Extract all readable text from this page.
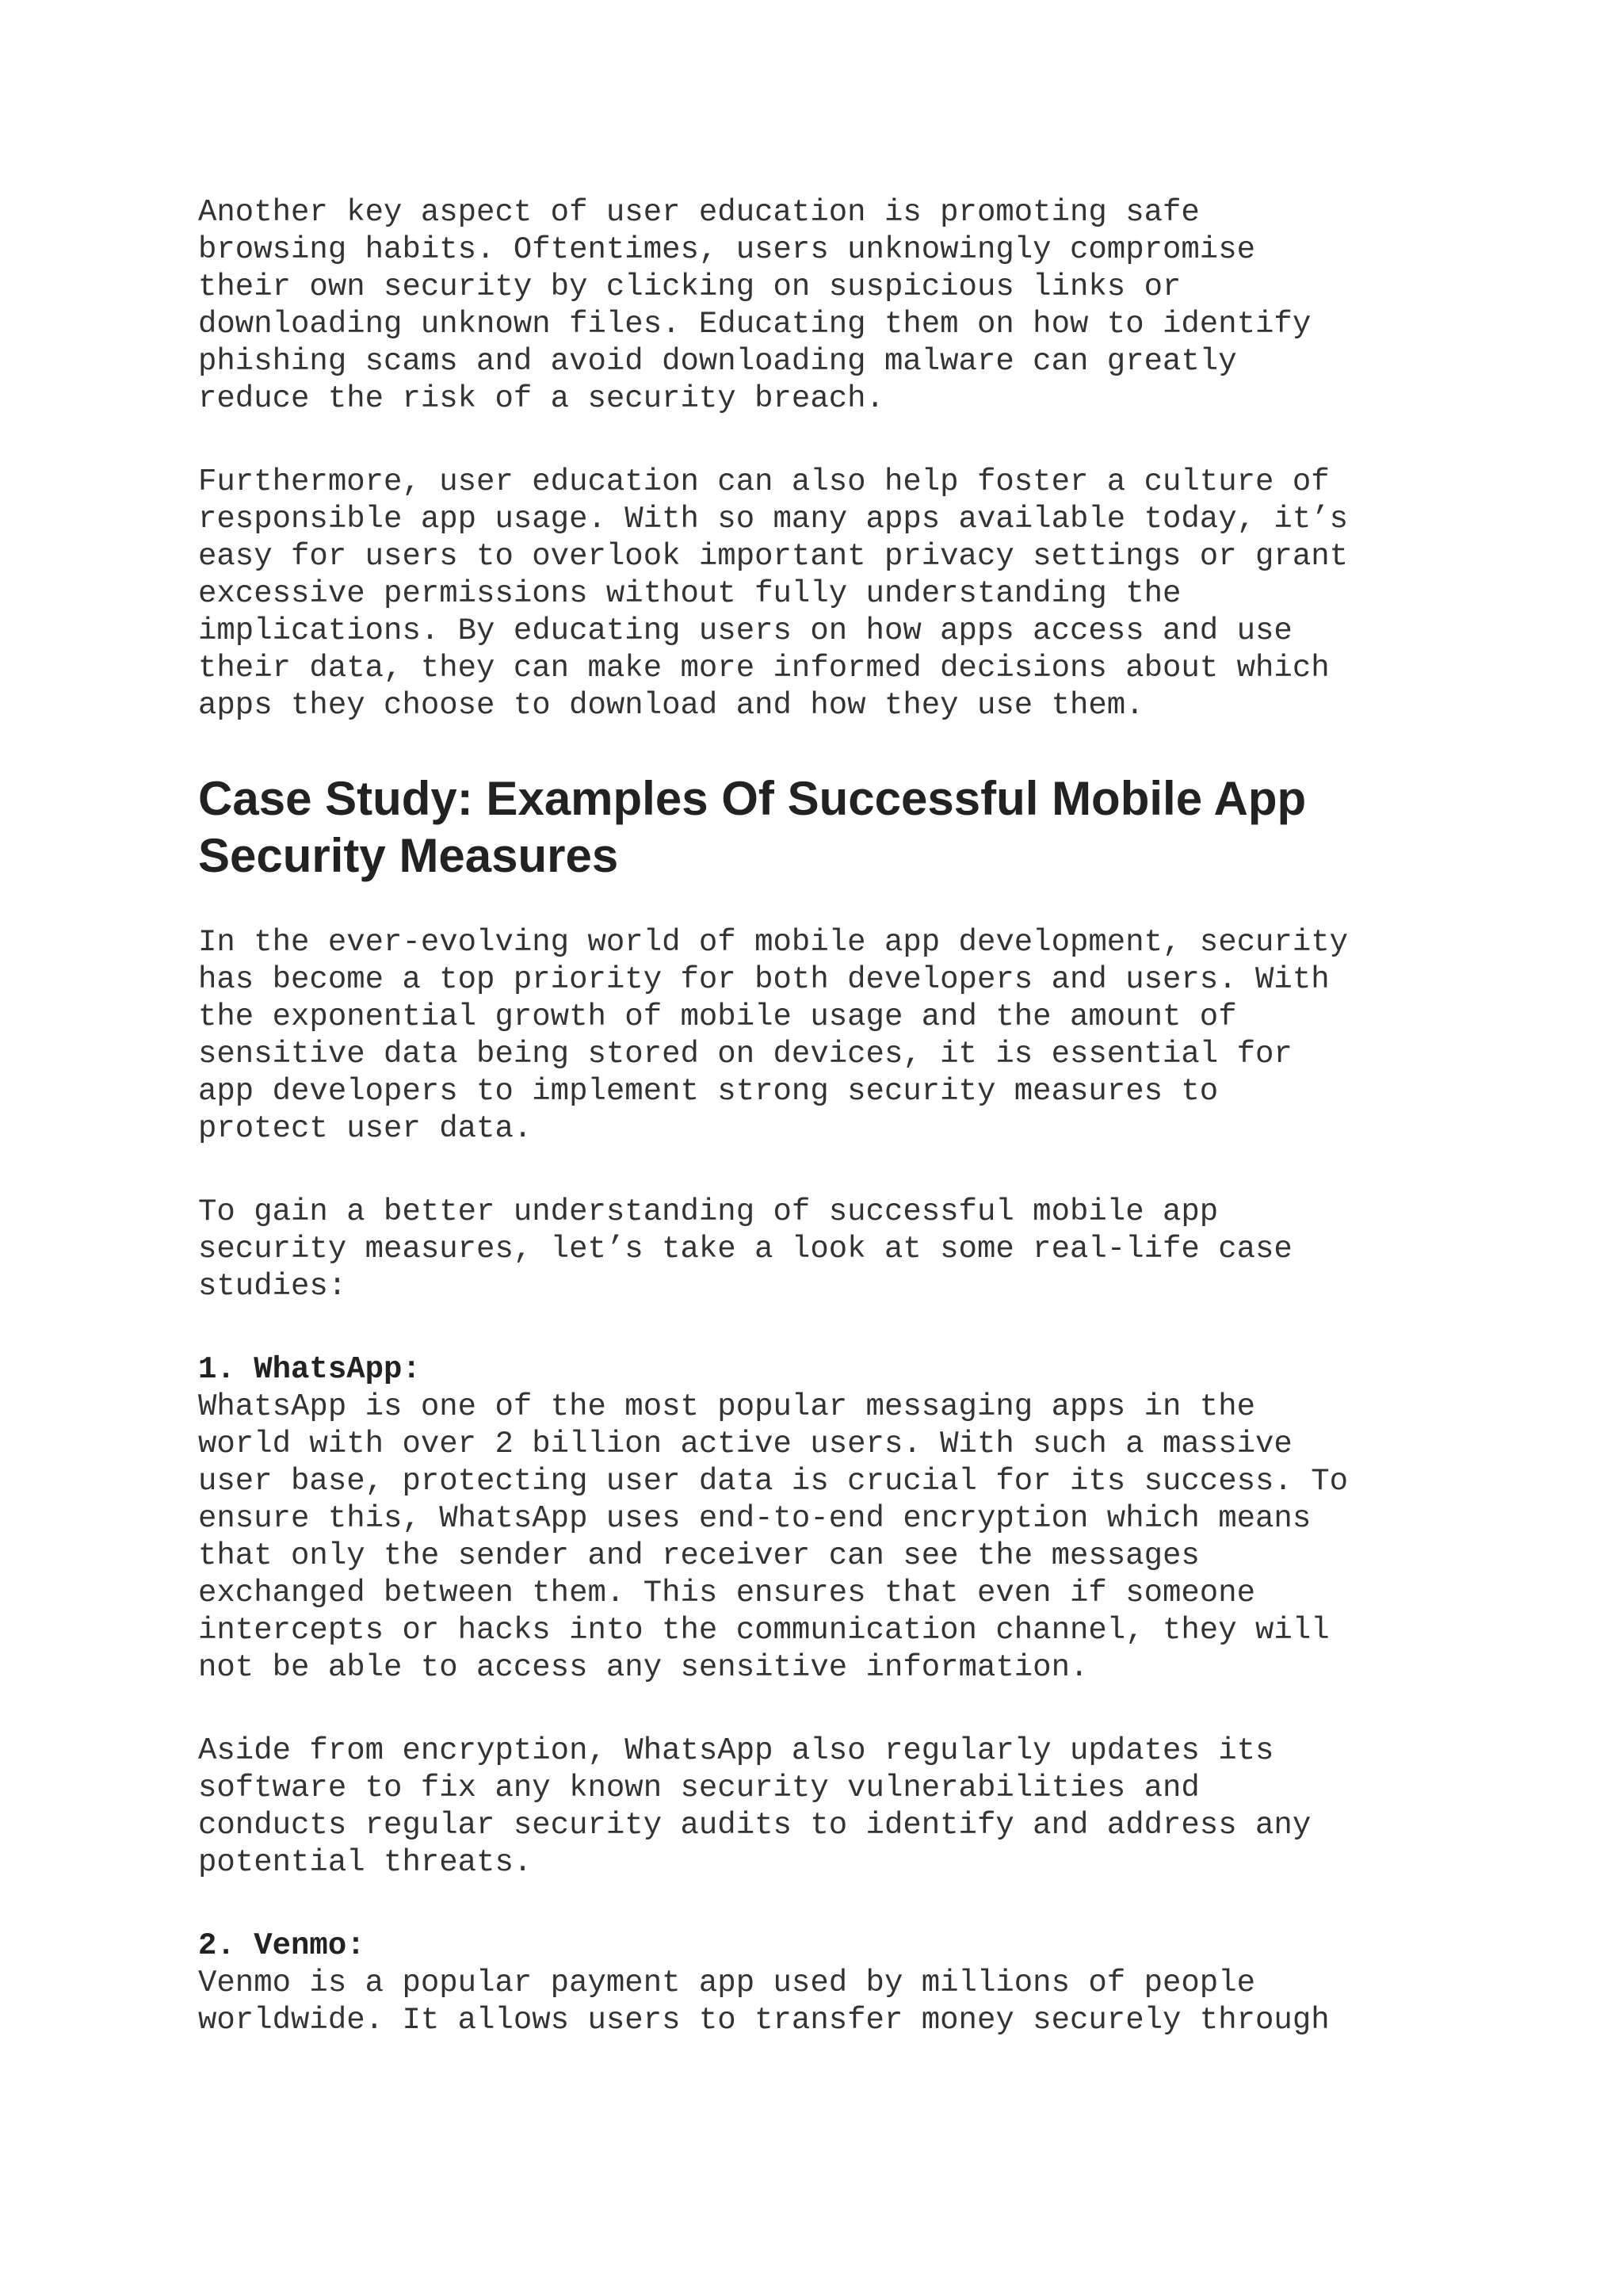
Another key aspect of user education is promoting safe
browsing habits. Oftentimes, users unknowingly compromise
their own security by clicking on suspicious links or
downloading unknown files. Educating them on how to identify
phishing scams and avoid downloading malware can greatly
reduce the risk of a security breach.

Furthermore, user education can also help foster a culture of
responsible app usage. With so many apps available today, it’s
easy for users to overlook important privacy settings or grant
excessive permissions without fully understanding the
implications. By educating users on how apps access and use
their data, they can make more informed decisions about which
apps they choose to download and how they use them.

Case Study: Examples Of Successful Mobile App
Security Measures

In the ever-evolving world of mobile app development, security
has become a top priority for both developers and users. With
the exponential growth of mobile usage and the amount of
sensitive data being stored on devices, it is essential for
app developers to implement strong security measures to
protect user data.

To gain a better understanding of successful mobile app
security measures, let’s take a look at some real-life case
studies:

1. WhatsApp:

WhatsApp is one of the most popular messaging apps in the
world with over 2 billion active users. With such a massive
user base, protecting user data is crucial for its success. To
ensure this, WhatsApp uses end-to-end encryption which means
that only the sender and receiver can see the messages
exchanged between them. This ensures that even if someone
intercepts or hacks into the communication channel, they will
not be able to access any sensitive information.

Aside from encryption, WhatsApp also regularly updates its
software to fix any known security vulnerabilities and
conducts regular security audits to identify and address any
potential threats.

2. Venmo:

Venmo is a popular payment app used by millions of people
worldwide. It allows users to transfer money securely through
